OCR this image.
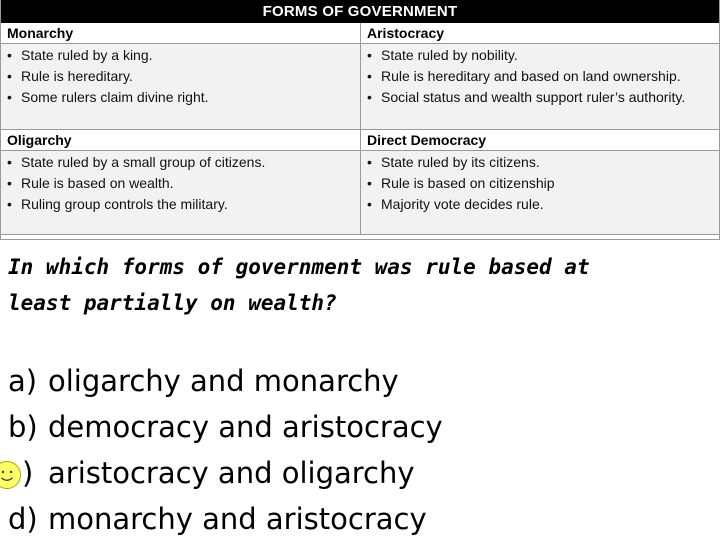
FORMS OF GOVERNMENT
Monarchy	Aristocracy
• State ruled by a king.
• Rule is hereditary.
• Some rulers claim divine right.
• State ruled by nobility.
• Rule is hereditary and based on land ownership.
• Social status and wealth support ruler’s authority.
Oligarchy	Direct Democracy
• State ruled by a small group of citizens.
• Rule is based on wealth.
• Ruling group controls the military.
• State ruled by its citizens.
• Rule is based on citizenship
• Majority vote decides rule.
In which forms of government was rule based at
least partially on wealth?
a) oligarchy and monarchy
b) democracy and aristocracy
) aristocracy and oligarchy
d) monarchy and aristocracy
